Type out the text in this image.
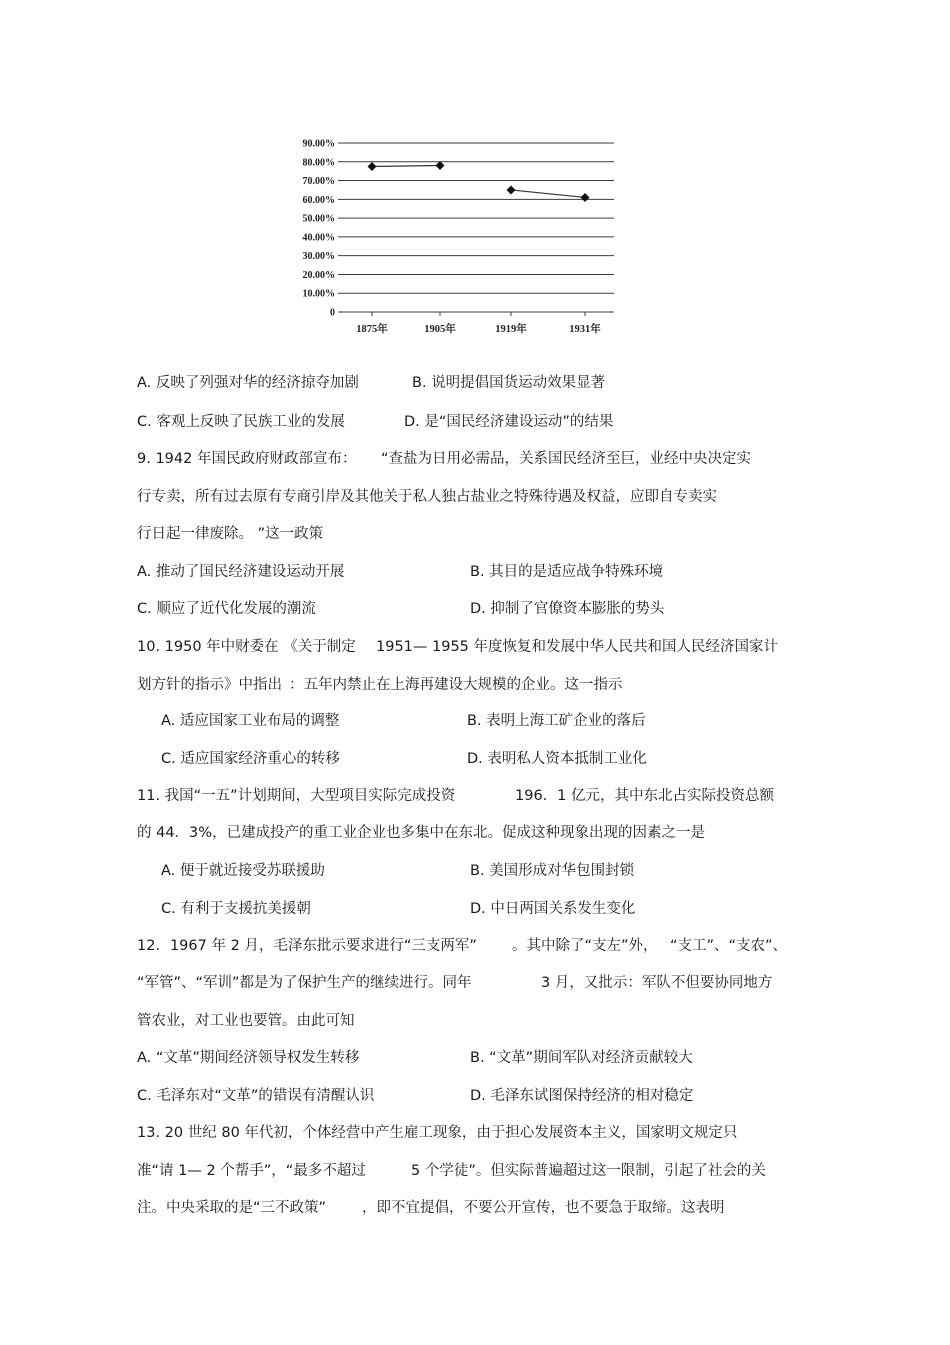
90.00%
80.00%
70.00%
60.00%
50.00%
40.00%
30.00%
20.00%
10.00%
0
1875年	1905年	1919年	1931年
A. 反映了列强对华的经济掠夺加剧	B. 说明提倡国货运动效果显著
C. 客观上反映了民族工业的发展	D. 是“国民经济建设运动”的结果
9. 1942 年国民政府财政部宣布： “查盐为日用必需品，关系国民经济至巨，业经中央决定实
行专卖，所有过去原有专商引岸及其他关于私人独占盐业之特殊待遇及权益，应即自专卖实
行日起一律废除。 ”这一政策
A. 推动了国民经济建设运动开展	B. 其目的是适应战争特殊环境
C. 顺应了近代化发展的潮流	D. 抑制了官僚资本膨胀的势头
10. 1950 年中财委在 《关于制定 1951— 1955 年度恢复和发展中华人民共和国人民经济国家计
划方针的指示》中指出 ：五年内禁止在上海再建设大规模的企业。这一指示
A. 适应国家工业布局的调整	B. 表明上海工矿企业的落后
C. 适应国家经济重心的转移	D. 表明私人资本抵制工业化
11. 我国“一五”计划期间，大型项目实际完成投资	196．1 亿元，其中东北占实际投资总额
的 44．3%，已建成投产的重工业企业也多集中在东北。促成这种现象出现的因素之一是
A. 便于就近接受苏联援助	B. 美国形成对华包围封锁
C. 有利于支援抗美援朝	D. 中日两国关系发生变化
12．1967 年 2 月，毛泽东批示要求进行“三支两军” 。其中除了“支左”外， “支工”、“支农”、
“军管”、“军训”都是为了保护生产的继续进行。同年	3 月，又批示：军队不但要协同地方
管农业，对工业也要管。由此可知
A. “文革”期间经济领导权发生转移	B. “文革”期间军队对经济贡献较大
C. 毛泽东对“文革”的错误有清醒认识	D. 毛泽东试图保持经济的相对稳定
13. 20 世纪 80 年代初，个体经营中产生雇工现象，由于担心发展资本主义，国家明文规定只
准“请 1— 2 个帮手”，“最多不超过	5 个学徒”。但实际普遍超过这一限制，引起了社会的关
注。中央采取的是“三不政策” ，即不宜提倡，不要公开宣传，也不要急于取缔。这表明
